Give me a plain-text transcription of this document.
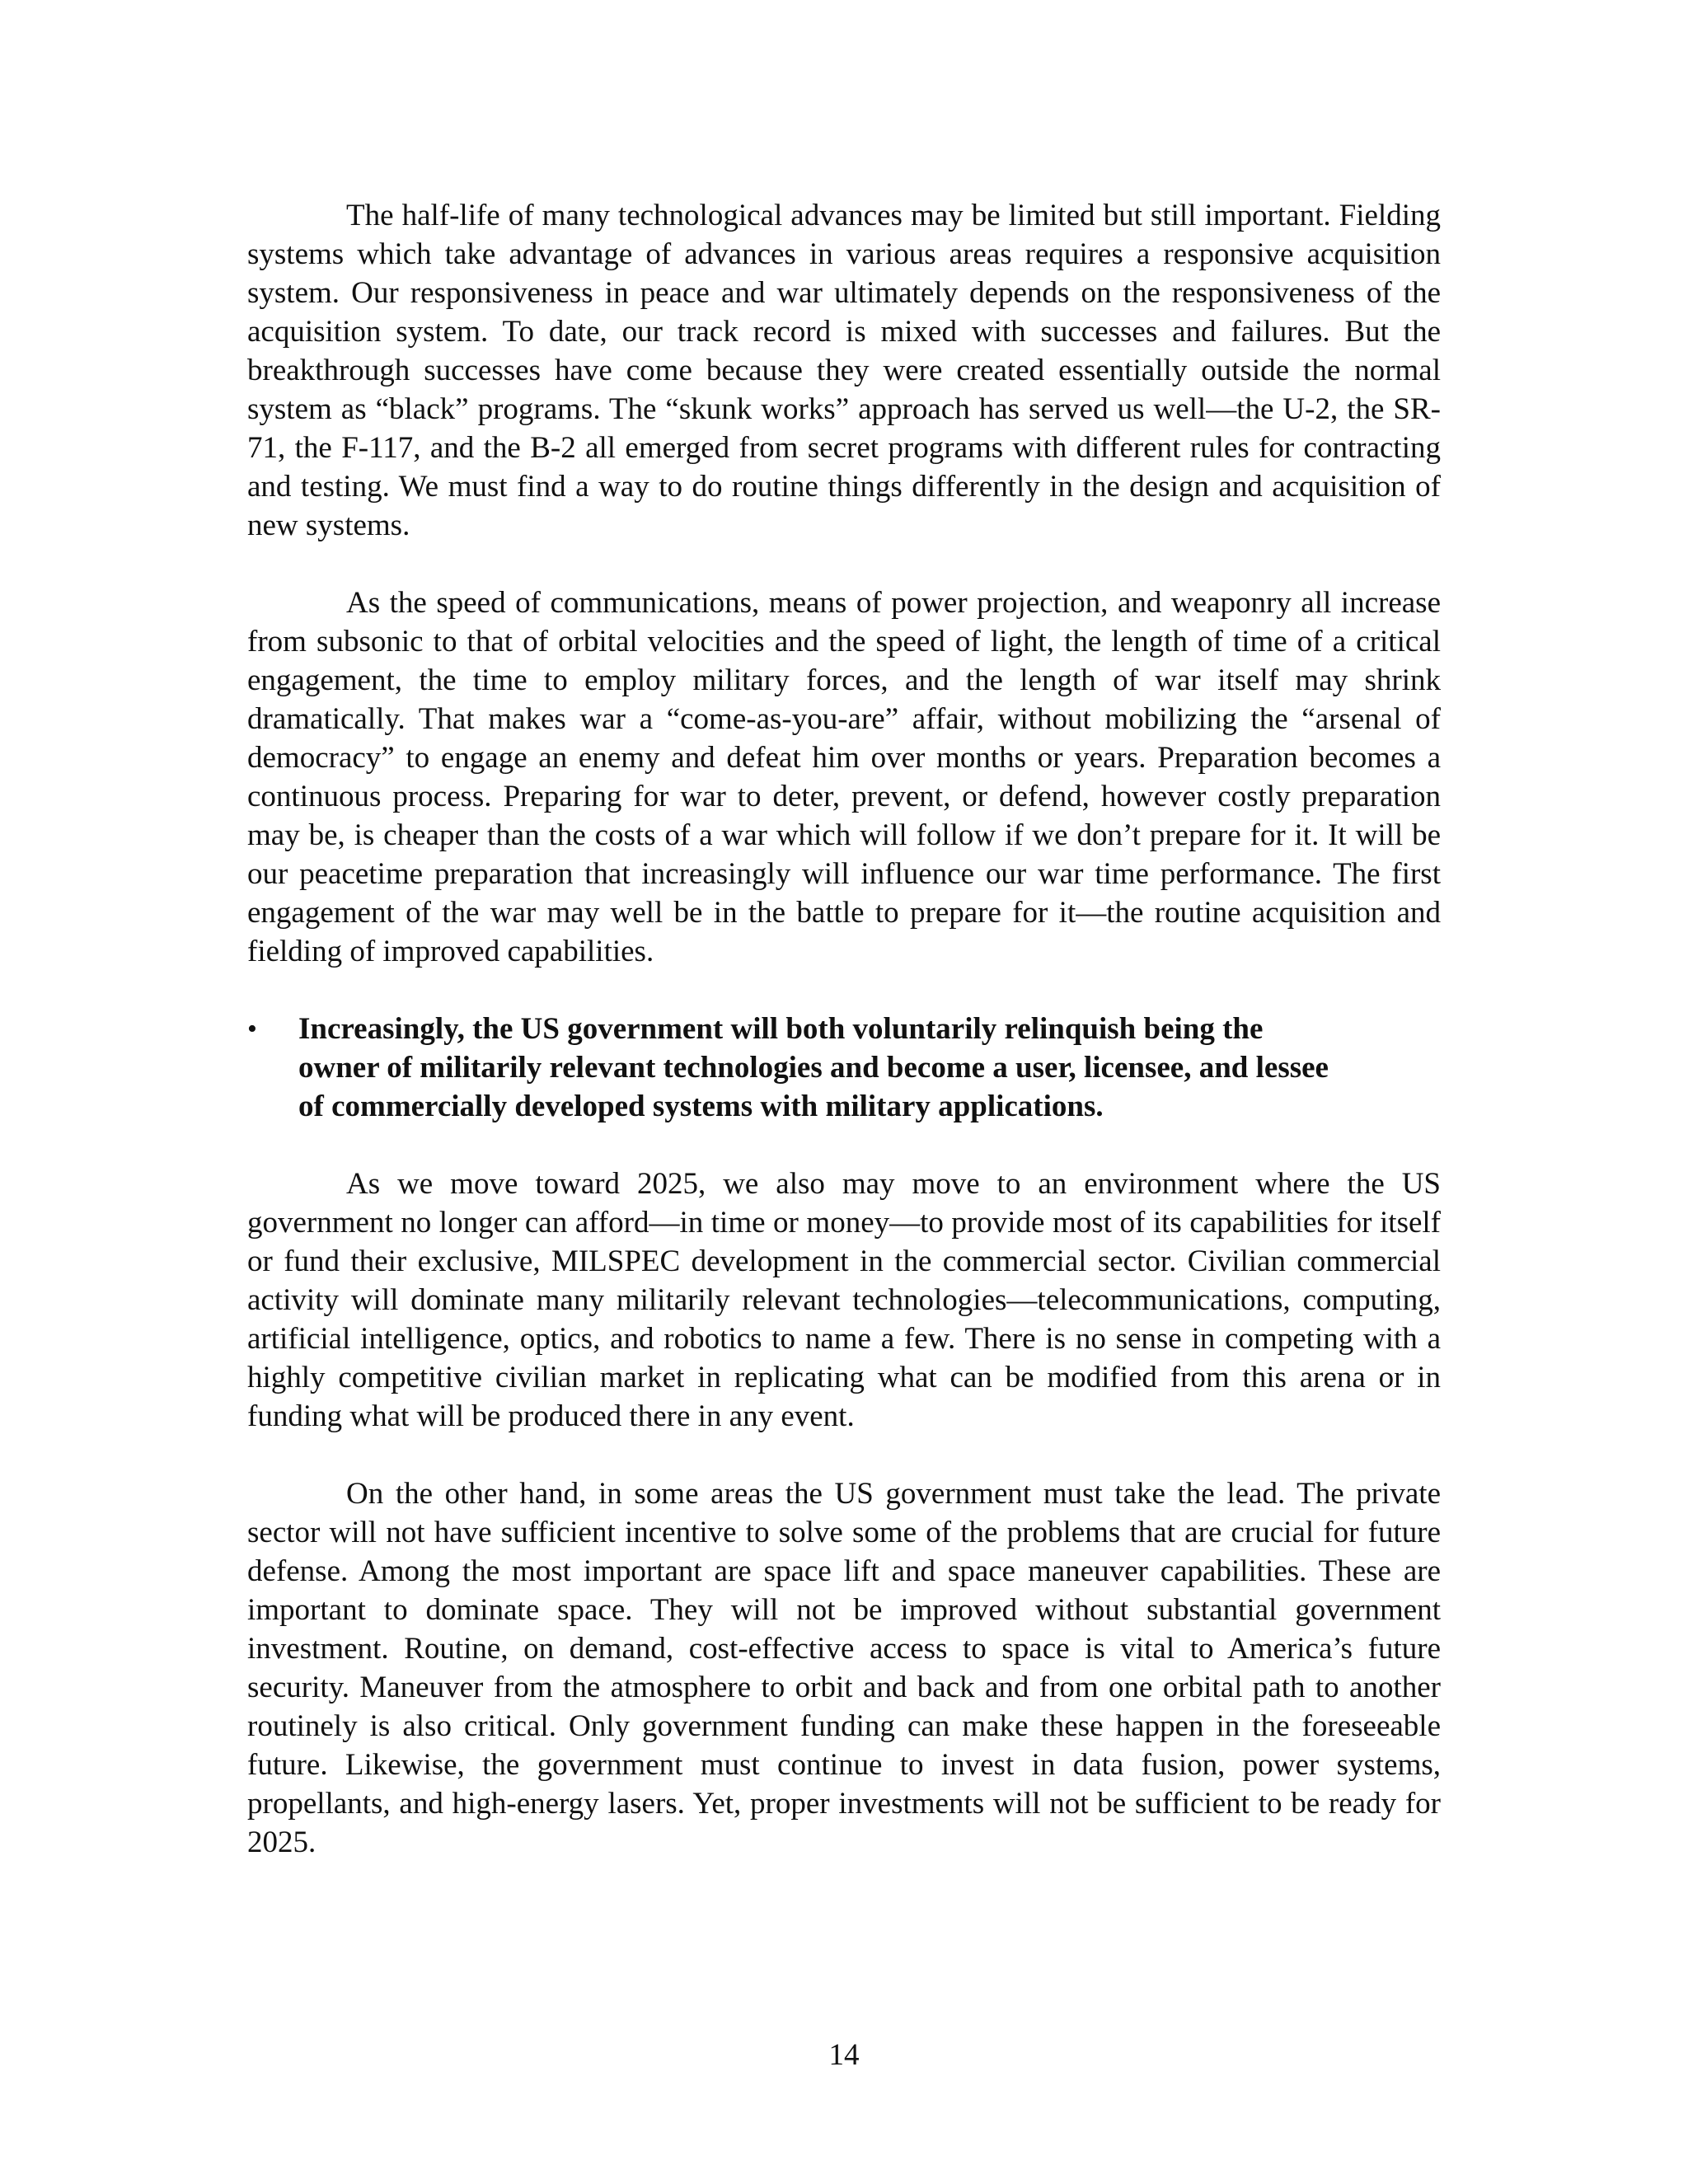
The half-life of many technological advances may be limited but still important. Fielding systems which take advantage of advances in various areas requires a responsive acquisition system. Our responsiveness in peace and war ultimately depends on the responsiveness of the acquisition system. To date, our track record is mixed with successes and failures. But the breakthrough successes have come because they were created essentially outside the normal system as “black” programs. The “skunk works” approach has served us well—the U-2, the SR-71, the F-117, and the B-2 all emerged from secret programs with different rules for contracting and testing. We must find a way to do routine things differently in the design and acquisition of new systems.

As the speed of communications, means of power projection, and weaponry all increase from subsonic to that of orbital velocities and the speed of light, the length of time of a critical engagement, the time to employ military forces, and the length of war itself may shrink dramatically. That makes war a “come-as-you-are” affair, without mobilizing the “arsenal of democracy” to engage an enemy and defeat him over months or years. Preparation becomes a continuous process. Preparing for war to deter, prevent, or defend, however costly preparation may be, is cheaper than the costs of a war which will follow if we don’t prepare for it. It will be our peacetime preparation that increasingly will influence our war time performance. The first engagement of the war may well be in the battle to prepare for it—the routine acquisition and fielding of improved capabilities.

•	Increasingly, the US government will both voluntarily relinquish being the owner of militarily relevant technologies and become a user, licensee, and lessee of commercially developed systems with military applications.

As we move toward 2025, we also may move to an environment where the US government no longer can afford—in time or money—to provide most of its capabilities for itself or fund their exclusive, MILSPEC development in the commercial sector. Civilian commercial activity will dominate many militarily relevant technologies—telecommunications, computing, artificial intelligence, optics, and robotics to name a few. There is no sense in competing with a highly competitive civilian market in replicating what can be modified from this arena or in funding what will be produced there in any event.

On the other hand, in some areas the US government must take the lead. The private sector will not have sufficient incentive to solve some of the problems that are crucial for future defense. Among the most important are space lift and space maneuver capabilities. These are important to dominate space. They will not be improved without substantial government investment. Routine, on demand, cost-effective access to space is vital to America’s future security. Maneuver from the atmosphere to orbit and back and from one orbital path to another routinely is also critical. Only government funding can make these happen in the foreseeable future. Likewise, the government must continue to invest in data fusion, power systems, propellants, and high-energy lasers. Yet, proper investments will not be sufficient to be ready for 2025.

14
